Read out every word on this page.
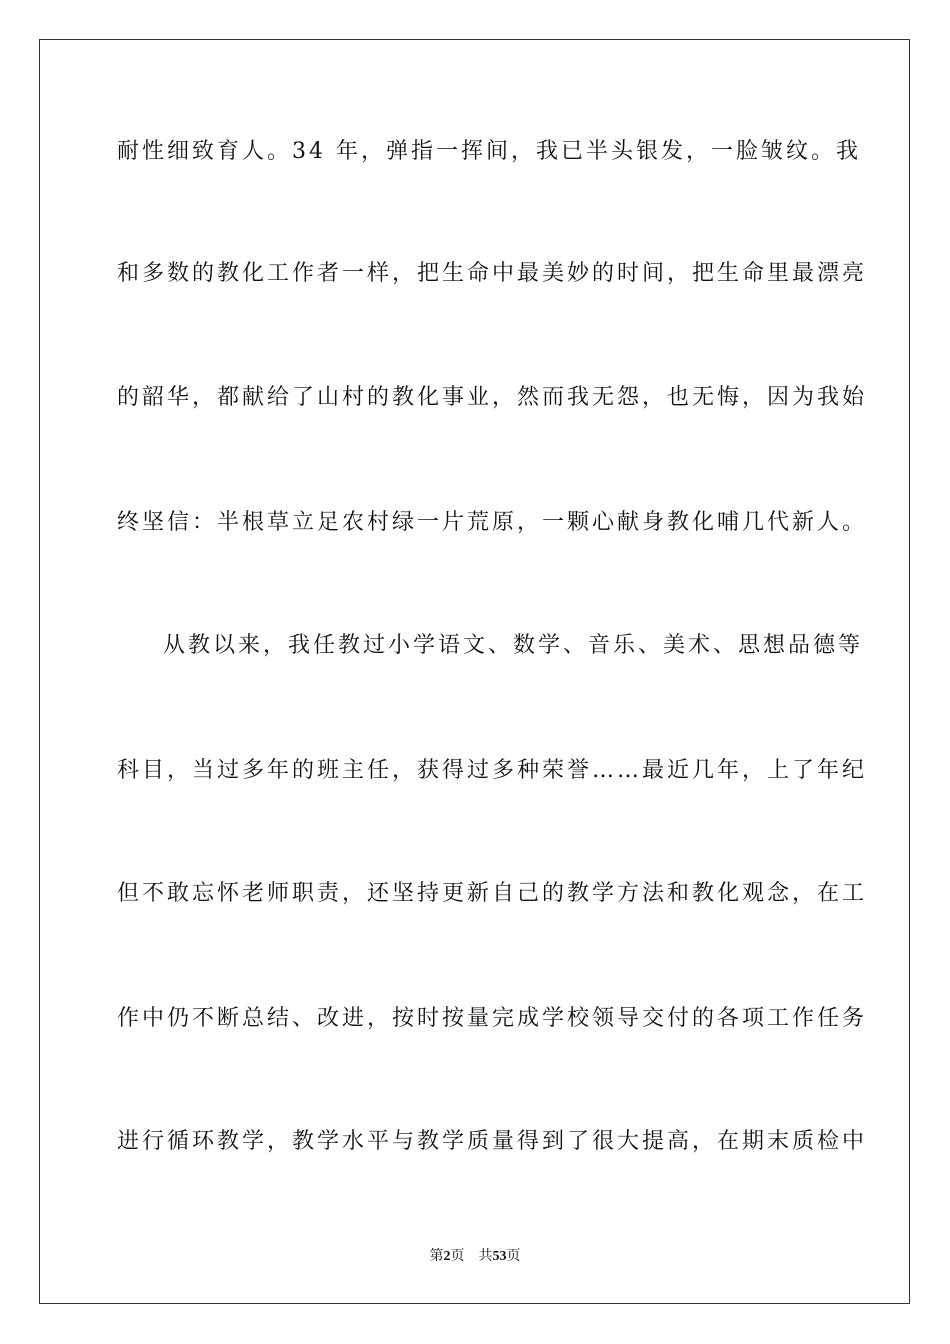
耐性细致育人。34 年，弹指一挥间，我已半头银发，一脸皱纹。我
和多数的教化工作者一样，把生命中最美妙的时间，把生命里最漂亮
的韶华，都献给了山村的教化事业，然而我无怨，也无悔，因为我始
终坚信：半根草立足农村绿一片荒原，一颗心献身教化哺几代新人。
从教以来，我任教过小学语文、数学、音乐、美术、思想品德等
科目，当过多年的班主任，获得过多种荣誉……最近几年，上了年纪
但不敢忘怀老师职责，还坚持更新自己的教学方法和教化观念，在工
作中仍不断总结、改进，按时按量完成学校领导交付的各项工作任务
进行循环教学，教学水平与教学质量得到了很大提高，在期末质检中
第2页 共53页
